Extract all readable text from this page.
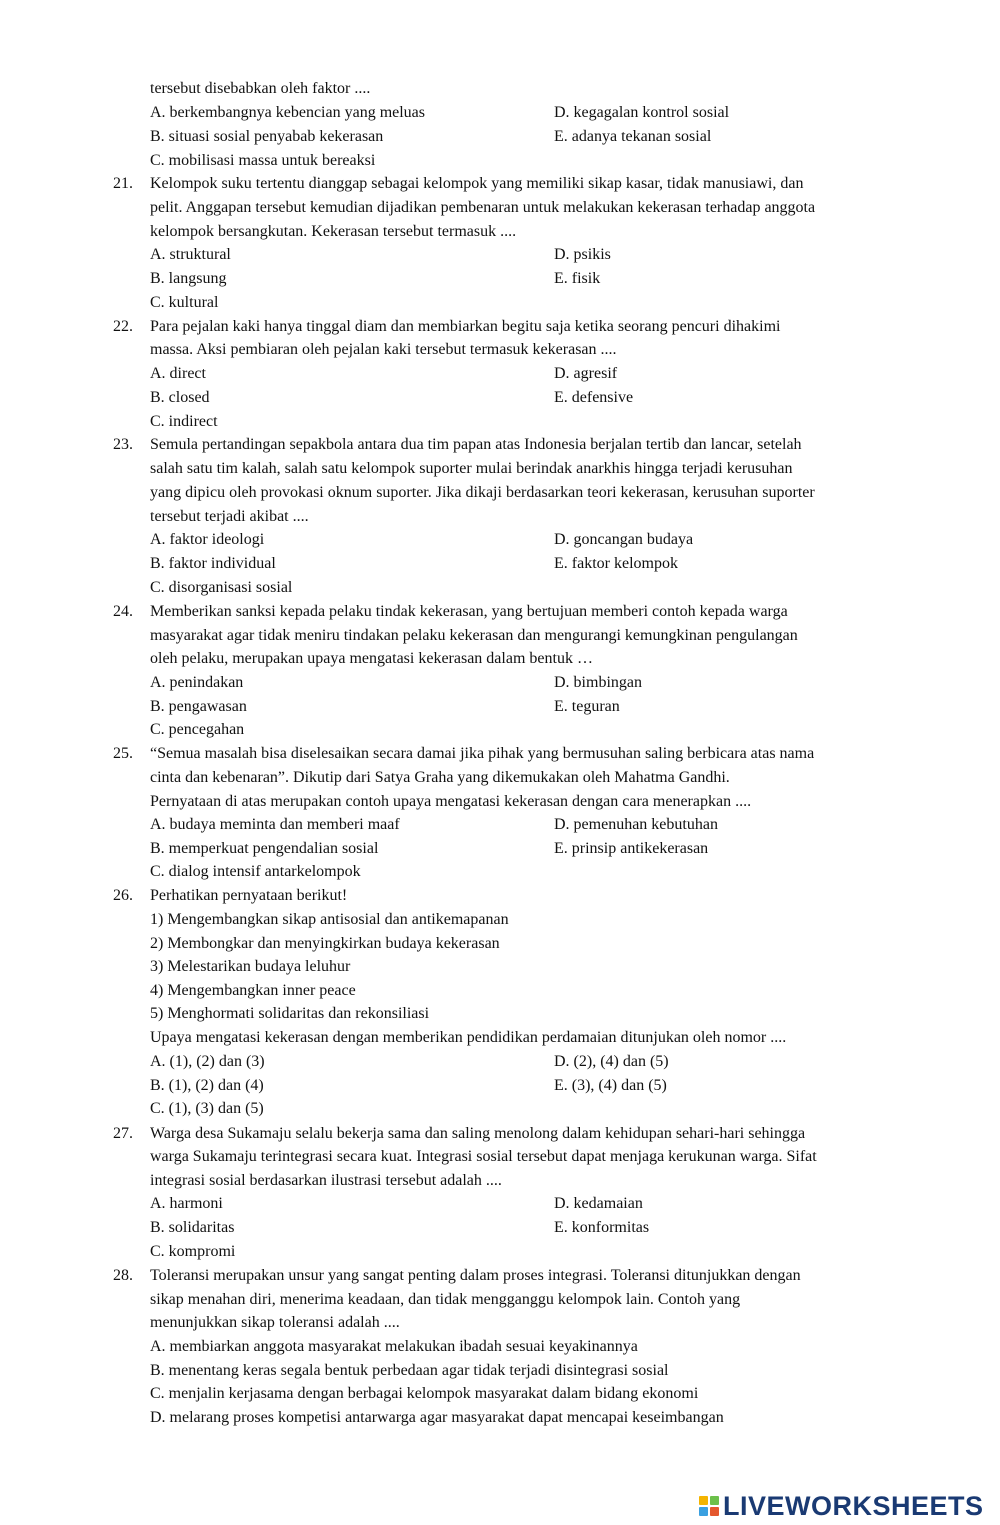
tersebut disebabkan oleh faktor ....
A. berkembangnya kebencian yang meluas	D. kegagalan kontrol sosial
B. situasi sosial penyabab kekerasan	E. adanya tekanan sosial
C. mobilisasi massa untuk bereaksi
21. Kelompok suku tertentu dianggap sebagai kelompok yang memiliki sikap kasar, tidak manusiawi, dan
pelit. Anggapan tersebut kemudian dijadikan pembenaran untuk melakukan kekerasan terhadap anggota
kelompok bersangkutan. Kekerasan tersebut termasuk ....
A. struktural	D. psikis
B. langsung	E. fisik
C. kultural
22. Para pejalan kaki hanya tinggal diam dan membiarkan begitu saja ketika seorang pencuri dihakimi
massa. Aksi pembiaran oleh pejalan kaki tersebut termasuk kekerasan ....
A. direct	D. agresif
B. closed	E. defensive
C. indirect
23. Semula pertandingan sepakbola antara dua tim papan atas Indonesia berjalan tertib dan lancar, setelah
salah satu tim kalah, salah satu kelompok suporter mulai berindak anarkhis hingga terjadi kerusuhan
yang dipicu oleh provokasi oknum suporter. Jika dikaji berdasarkan teori kekerasan, kerusuhan suporter
tersebut terjadi akibat ....
A. faktor ideologi	D. goncangan budaya
B. faktor individual	E. faktor kelompok
C. disorganisasi sosial
24. Memberikan sanksi kepada pelaku tindak kekerasan, yang bertujuan memberi contoh kepada warga
masyarakat agar tidak meniru tindakan pelaku kekerasan dan mengurangi kemungkinan pengulangan
oleh pelaku, merupakan upaya mengatasi kekerasan dalam bentuk …
A. penindakan	D. bimbingan
B. pengawasan	E. teguran
C. pencegahan
25. “Semua masalah bisa diselesaikan secara damai jika pihak yang bermusuhan saling berbicara atas nama
cinta dan kebenaran”. Dikutip dari Satya Graha yang dikemukakan oleh Mahatma Gandhi.
Pernyataan di atas merupakan contoh upaya mengatasi kekerasan dengan cara menerapkan ....
A. budaya meminta dan memberi maaf	D. pemenuhan kebutuhan
B. memperkuat pengendalian sosial	E. prinsip antikekerasan
C. dialog intensif antarkelompok
26. Perhatikan pernyataan berikut!
1) Mengembangkan sikap antisosial dan antikemapanan
2) Membongkar dan menyingkirkan budaya kekerasan
3) Melestarikan budaya leluhur
4) Mengembangkan inner peace
5) Menghormati solidaritas dan rekonsiliasi
Upaya mengatasi kekerasan dengan memberikan pendidikan perdamaian ditunjukan oleh nomor ....
A. (1), (2) dan (3)	D. (2), (4) dan (5)
B. (1), (2) dan (4)	E. (3), (4) dan (5)
C. (1), (3) dan (5)
27. Warga desa Sukamaju selalu bekerja sama dan saling menolong dalam kehidupan sehari-hari sehingga
warga Sukamaju terintegrasi secara kuat. Integrasi sosial tersebut dapat menjaga kerukunan warga. Sifat
integrasi sosial berdasarkan ilustrasi tersebut adalah ....
A. harmoni	D. kedamaian
B. solidaritas	E. konformitas
C. kompromi
28. Toleransi merupakan unsur yang sangat penting dalam proses integrasi. Toleransi ditunjukkan dengan
sikap menahan diri, menerima keadaan, dan tidak mengganggu kelompok lain. Contoh yang
menunjukkan sikap toleransi adalah ....
A. membiarkan anggota masyarakat melakukan ibadah sesuai keyakinannya
B. menentang keras segala bentuk perbedaan agar tidak terjadi disintegrasi sosial
C. menjalin kerjasama dengan berbagai kelompok masyarakat dalam bidang ekonomi
D. melarang proses kompetisi antarwarga agar masyarakat dapat mencapai keseimbangan
LIVEWORKSHEETS
